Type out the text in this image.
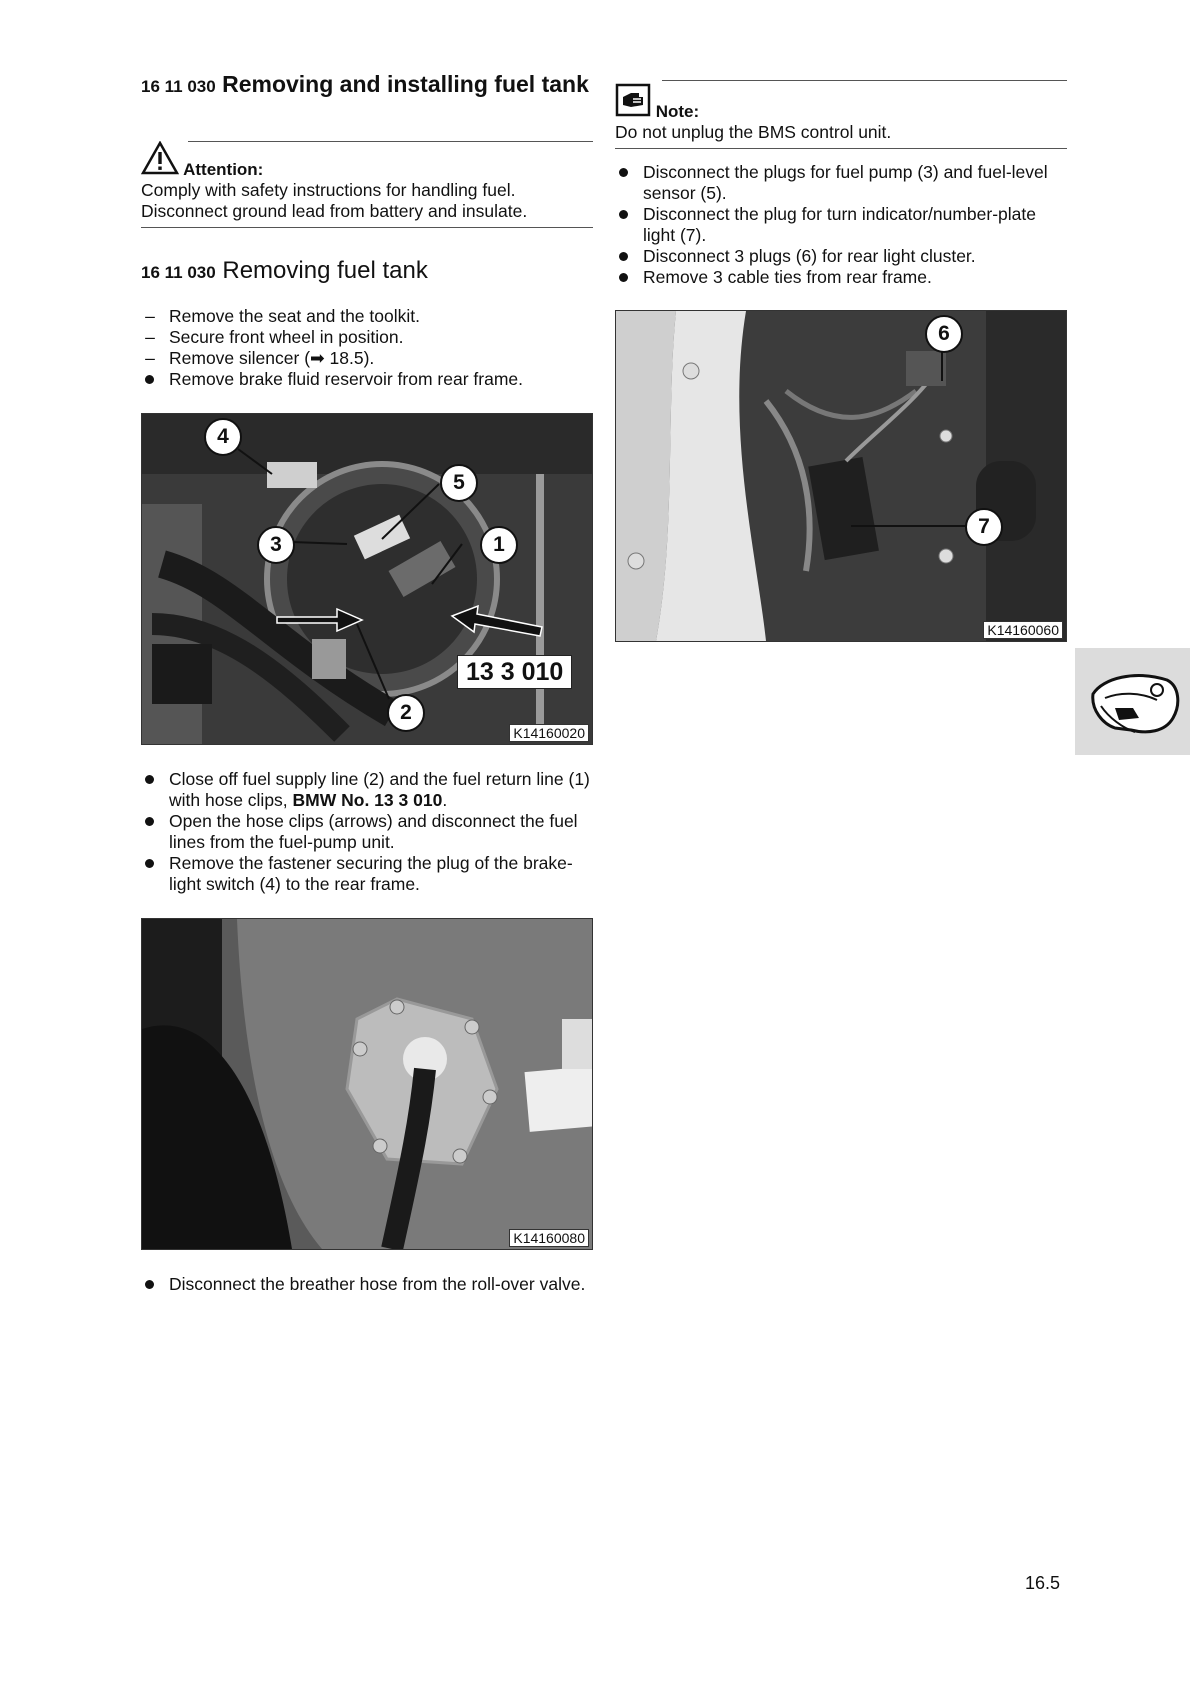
16 11 030 Removing and installing fuel tank
Attention:
Comply with safety instructions for handling fuel.
Disconnect ground lead from battery and insulate.
16 11 030 Removing fuel tank
– Remove the seat and the toolkit.
– Secure front wheel in position.
– Remove silencer (➡ 18.5).
Remove brake fluid reservoir from rear frame.
4
5
3	1
2
13 3 010
K14160020
Close off fuel supply line (2) and the fuel return line (1) with hose clips, BMW No. 13 3 010.
Open the hose clips (arrows) and disconnect the fuel lines from the fuel-pump unit.
Remove the fastener securing the plug of the brake-light switch (4) to the rear frame.
K14160080
Disconnect the breather hose from the roll-over valve.
Note:
Do not unplug the BMS control unit.
Disconnect the plugs for fuel pump (3) and fuel-level sensor (5).
Disconnect the plug for turn indicator/number-plate light (7).
Disconnect 3 plugs (6) for rear light cluster.
Remove 3 cable ties from rear frame.
6
7
K14160060
16.5
